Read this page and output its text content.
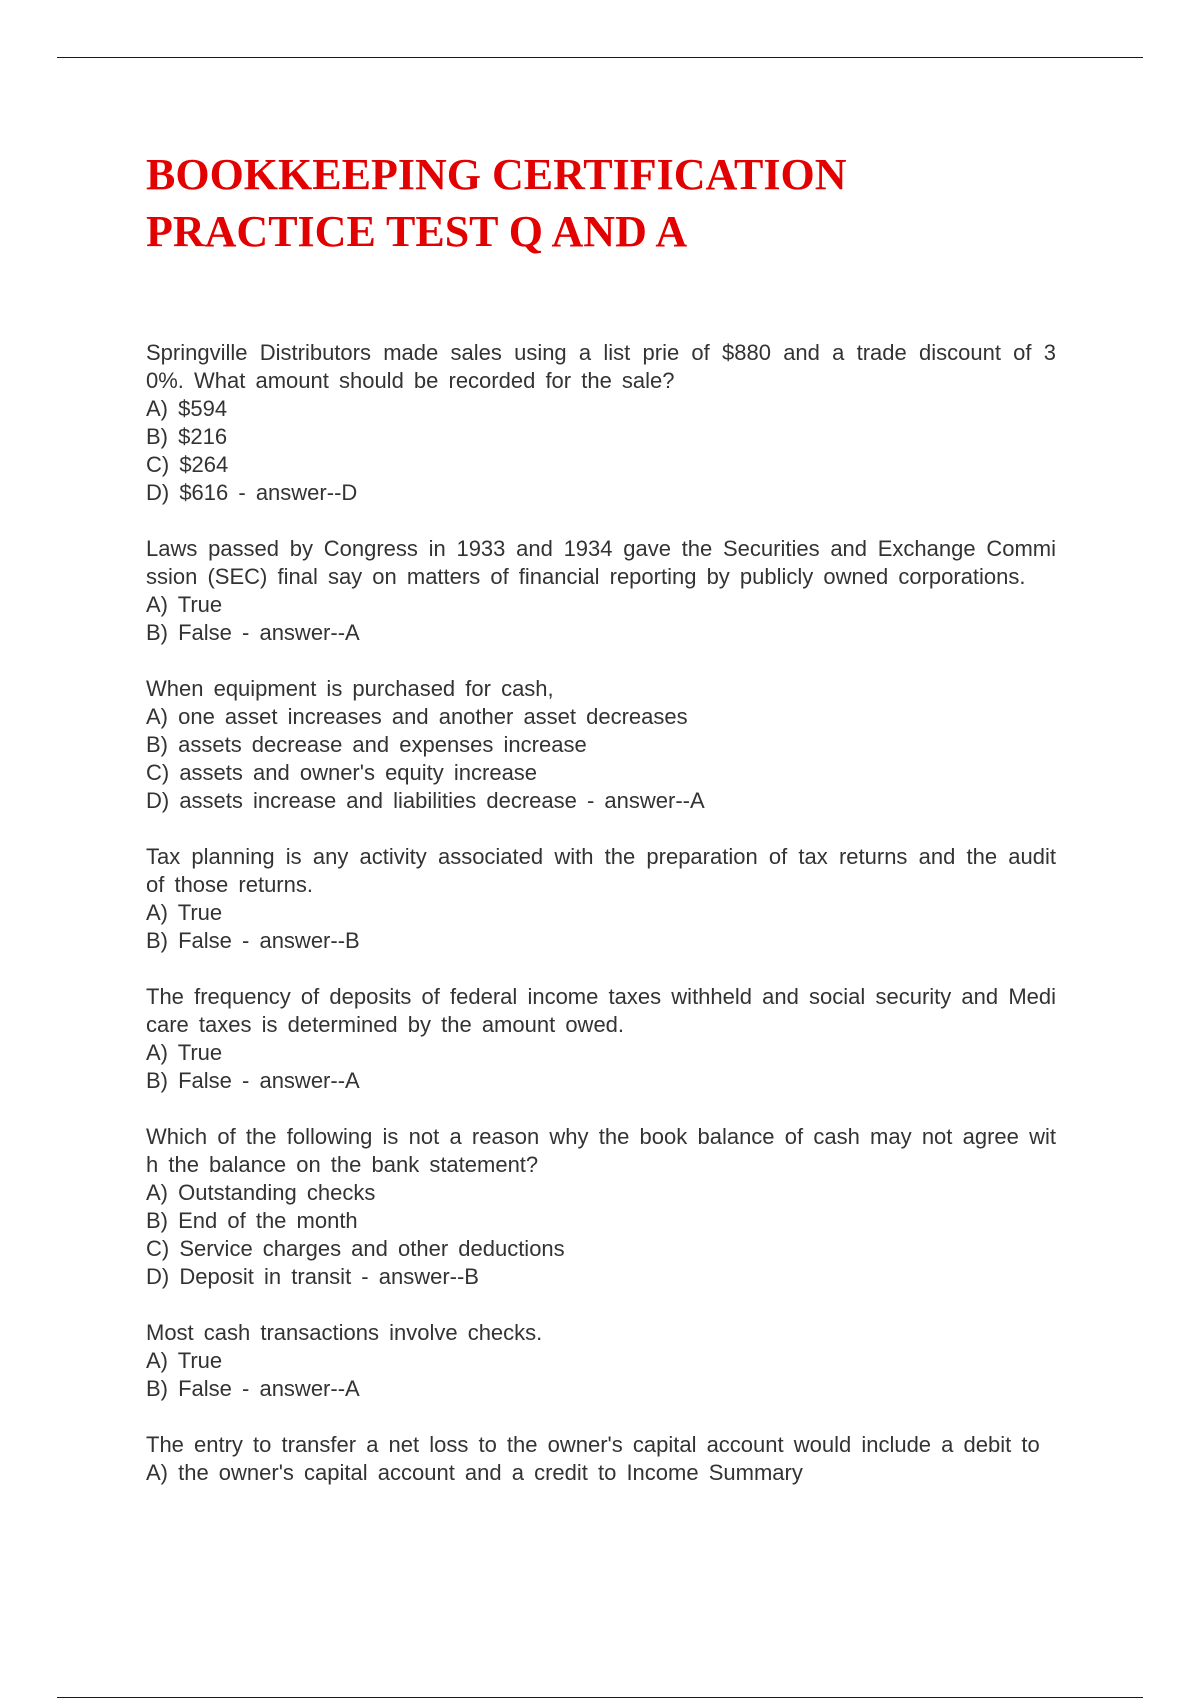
BOOKKEEPING CERTIFICATION
PRACTICE TEST Q AND A

Springville Distributors made sales using a list prie of $880 and a trade discount of 30%. What amount should be recorded for the sale?

A) $594

B) $216

C) $264

D) $616 - answer--D

Laws passed by Congress in 1933 and 1934 gave the Securities and Exchange Commission (SEC) final say on matters of financial reporting by publicly owned corporations.

A) True

B) False - answer--A

When equipment is purchased for cash,

A) one asset increases and another asset decreases

B) assets decrease and expenses increase

C) assets and owner's equity increase

D) assets increase and liabilities decrease - answer--A

Tax planning is any activity associated with the preparation of tax returns and the audit of those returns.

A) True

B) False - answer--B

The frequency of deposits of federal income taxes withheld and social security and Medicare taxes is determined by the amount owed.

A) True

B) False - answer--A

Which of the following is not a reason why the book balance of cash may not agree with the balance on the bank statement?

A) Outstanding checks

B) End of the month

C) Service charges and other deductions

D) Deposit in transit - answer--B

Most cash transactions involve checks.

A) True

B) False - answer--A

The entry to transfer a net loss to the owner's capital account would include a debit to

A) the owner's capital account and a credit to Income Summary
